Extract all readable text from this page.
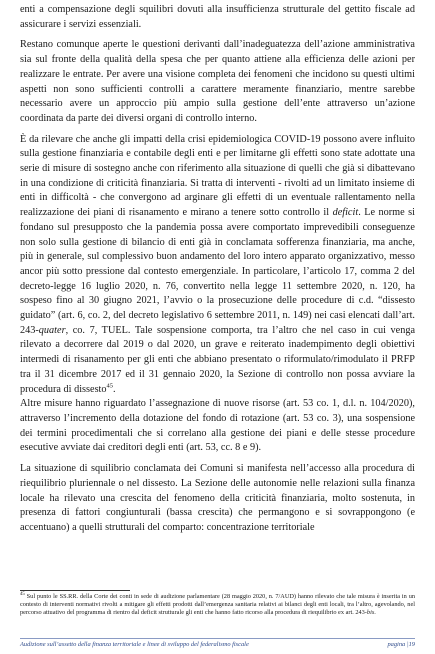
enti a compensazione degli squilibri dovuti alla insufficienza strutturale del gettito fiscale ad assicurare i servizi essenziali.

Restano comunque aperte le questioni derivanti dall’inadeguatezza dell’azione amministrativa sia sul fronte della qualità della spesa che per quanto attiene alla efficienza delle azioni per realizzare le entrate. Per avere una visione completa dei fenomeni che incidono su questi ultimi aspetti non sono sufficienti controlli a carattere meramente finanziario, mentre sarebbe necessario avere un approccio più ampio sulla gestione dell’ente attraverso un’azione coordinata da parte dei diversi organi di controllo interno.

È da rilevare che anche gli impatti della crisi epidemiologica COVID-19 possono avere influito sulla gestione finanziaria e contabile degli enti e per limitarne gli effetti sono state adottate una serie di misure di sostegno anche con riferimento alla situazione di quelli che già si dibattevano in una condizione di criticità finanziaria. Si tratta di interventi - rivolti ad un limitato insieme di enti in difficoltà - che convergono ad arginare gli effetti di un eventuale rallentamento nella realizzazione dei piani di risanamento e mirano a tenere sotto controllo il deficit. Le norme si fondano sul presupposto che la pandemia possa avere comportato imprevedibili conseguenze non solo sulla gestione di bilancio di enti già in conclamata sofferenza finanziaria, ma anche, più in generale, sul complessivo buon andamento del loro intero apparato organizzativo, messo ancor più sotto pressione dal contesto emergenziale. In particolare, l’articolo 17, comma 2 del decreto-legge 16 luglio 2020, n. 76, convertito nella legge 11 settembre 2020, n. 120, ha sospeso fino al 30 giugno 2021, l’avvio o la prosecuzione delle procedure di c.d. “dissesto guidato” (art. 6, co. 2, del decreto legislativo 6 settembre 2011, n. 149) nei casi elencati dall’art. 243-quater, co. 7, TUEL. Tale sospensione comporta, tra l’altro che nel caso in cui venga rilevato a decorrere dal 2019 o dal 2020, un grave e reiterato inadempimento degli obiettivi intermedi di risanamento per gli enti che abbiano presentato o riformulato/rimodulato il PRFP tra il 31 dicembre 2017 ed il 31 gennaio 2020, la Sezione di controllo non possa avviare la procedura di dissesto$^{45}$.

Altre misure hanno riguardato l’assegnazione di nuove risorse (art. 53 co. 1, d.l. n. 104/2020), attraverso l’incremento della dotazione del fondo di rotazione (art. 53 co. 3), una sospensione dei termini procedimentali che si correlano alla gestione dei piani e delle stesse procedure esecutive avviate dai creditori degli enti (art. 53, cc. 8 e 9).

La situazione di squilibrio conclamata dei Comuni si manifesta nell’accesso alla procedura di riequilibrio pluriennale o nel dissesto. La Sezione delle autonomie nelle relazioni sulla finanza locale ha rilevato una crescita del fenomeno della criticità finanziaria, molto sostenuta, in presenza di fattori congiunturali (bassa crescita) che permangono e si sovrappongono (e accentuano) a quelli strutturali del comparto: concentrazione territoriale

$^{45}$ Sul punto le SS.RR. della Corte dei conti in sede di audizione parlamentare (28 maggio 2020, n. 7/AUD) hanno rilevato che tale misura è inserita in un contesto di interventi normativi rivolti a mitigare gli effetti prodotti dall’emergenza sanitaria relativi ai bilanci degli enti locali, tra l’altro, agevolando, nel percorso attuativo del programma di rientro dal deficit strutturale gli enti che hanno fatto ricorso alla procedura di riequilibrio ex art. 243-bis.
Audizione sull’assetto della finanza territoriale e linee di sviluppo del federalismo fiscale	pagina |19
